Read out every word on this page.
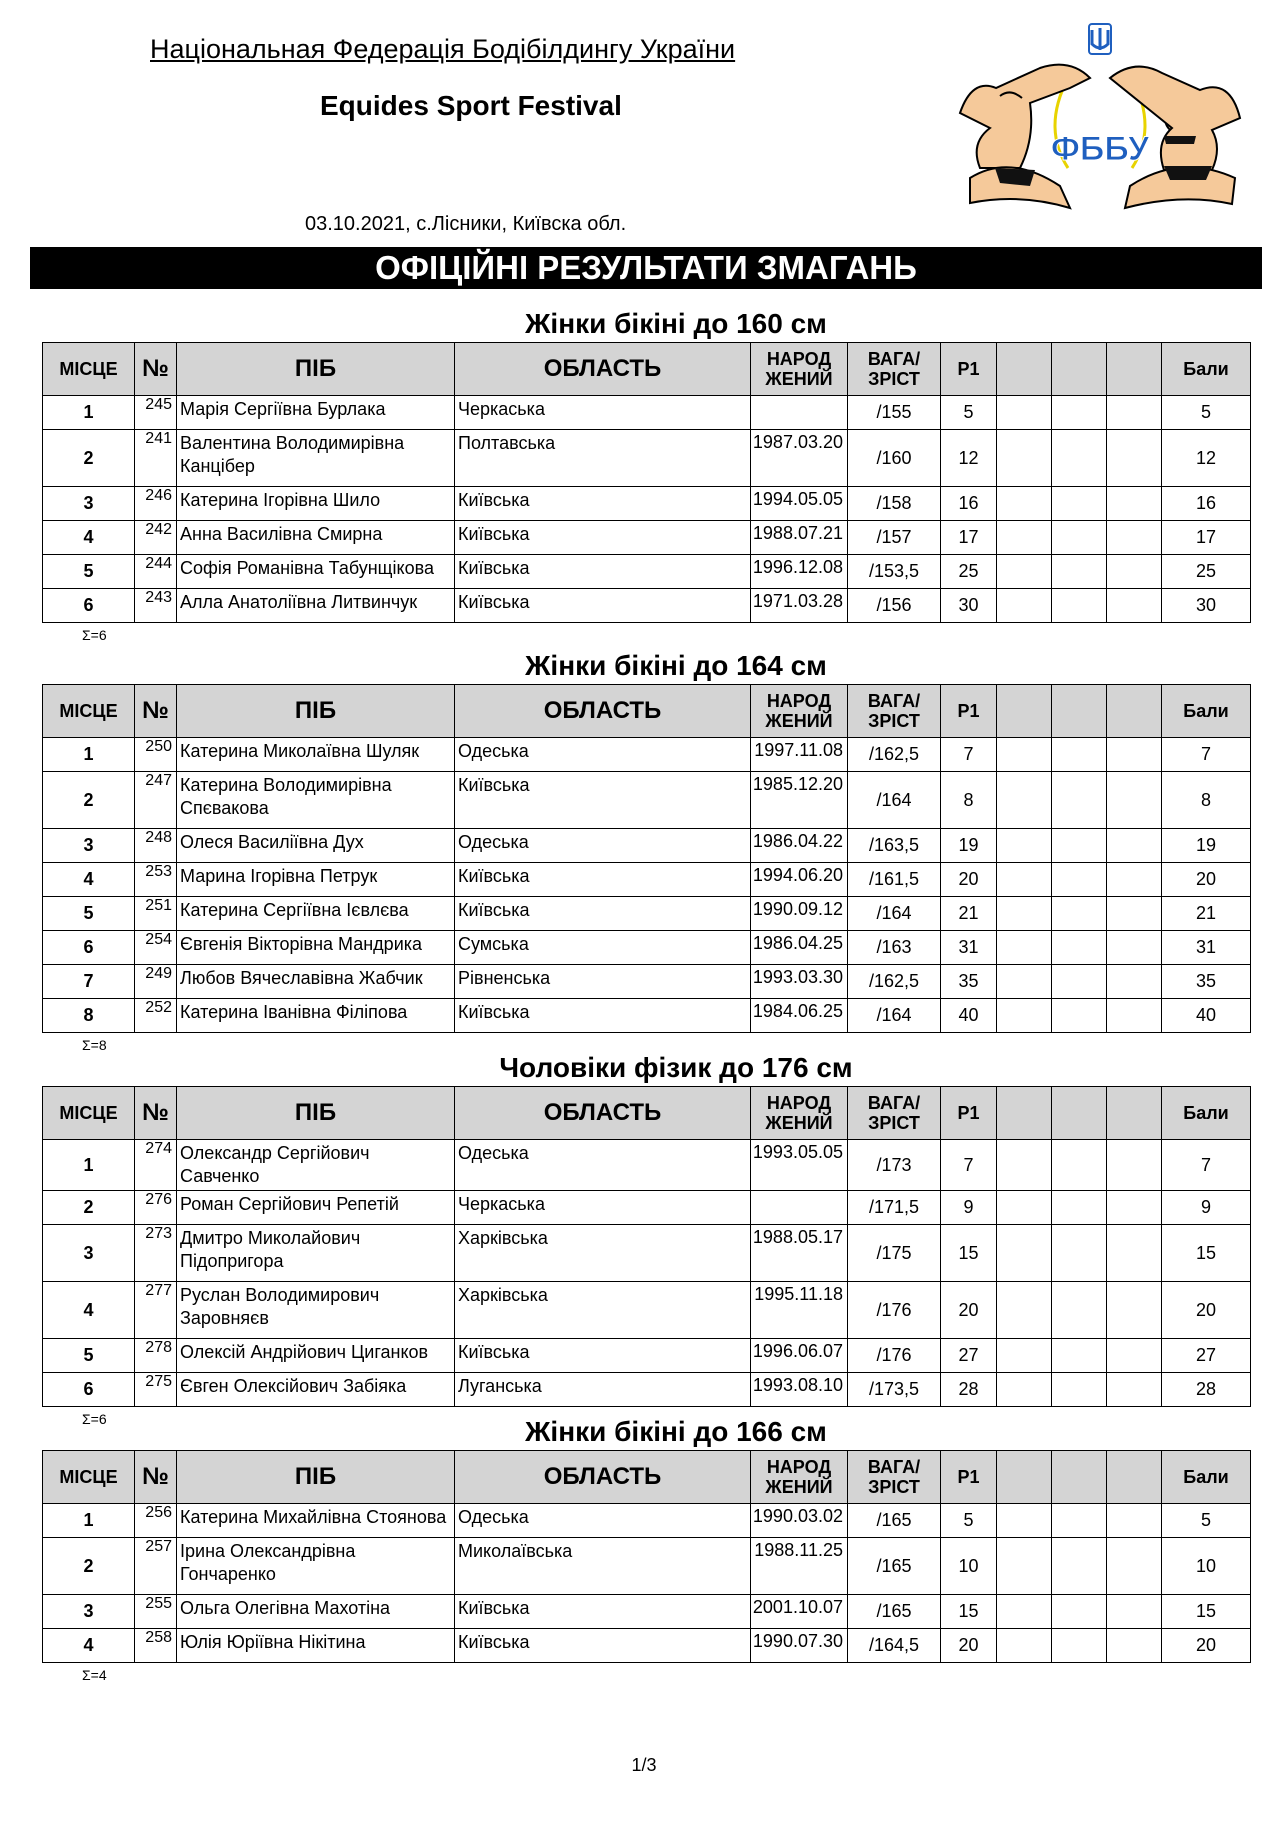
Національная Федерація Бодібілдингу України
Equides Sport Festival
03.10.2021, с.Лісники, Київска обл.
ФББУ
ОФІЦІЙНІ РЕЗУЛЬТАТИ ЗМАГАНЬ
Жінки бікіні до 160 см
МІСЦЕ	№	ПІБ	ОБЛАСТЬ	НАРОД ЖЕНИЙ	ВАГА/ ЗРІСТ	Р1				Бали
1	245	Марія Сергіївна Бурлака	Черкаська		/155	5				5
2	241	Валентина Володимирівна Канцібер	Полтавська	1987.03.20	/160	12				12
3	246	Катерина Ігорівна Шило	Київська	1994.05.05	/158	16				16
4	242	Анна Василівна Смирна	Київська	1988.07.21	/157	17				17
5	244	Софія Романівна Табунщікова	Київська	1996.12.08	/153,5	25				25
6	243	Алла Анатоліївна Литвинчук	Київська	1971.03.28	/156	30				30
Σ=6
Жінки бікіні до 164 см
МІСЦЕ	№	ПІБ	ОБЛАСТЬ	НАРОД ЖЕНИЙ	ВАГА/ ЗРІСТ	Р1				Бали
1	250	Катерина Миколаївна Шуляк	Одеська	1997.11.08	/162,5	7				7
2	247	Катерина Володимирівна Спєвакова	Київська	1985.12.20	/164	8				8
3	248	Олеся Василіївна Дух	Одеська	1986.04.22	/163,5	19				19
4	253	Марина Ігорівна Петрук	Київська	1994.06.20	/161,5	20				20
5	251	Катерина Сергіївна Ієвлєва	Київська	1990.09.12	/164	21				21
6	254	Євгенія Вікторівна Мандрика	Сумська	1986.04.25	/163	31				31
7	249	Любов Вячеславівна Жабчик	Рівненська	1993.03.30	/162,5	35				35
8	252	Катерина Іванівна Філіпова	Київська	1984.06.25	/164	40				40
Σ=8
Чоловіки фізик до 176 см
МІСЦЕ	№	ПІБ	ОБЛАСТЬ	НАРОД ЖЕНИЙ	ВАГА/ ЗРІСТ	Р1				Бали
1	274	Олександр Сергійович Савченко	Одеська	1993.05.05	/173	7				7
2	276	Роман Сергійович Репетій	Черкаська		/171,5	9				9
3	273	Дмитро Миколайович Підопригора	Харківська	1988.05.17	/175	15				15
4	277	Руслан Володимирович Заровняєв	Харківська	1995.11.18	/176	20				20
5	278	Олексій Андрійович Циганков	Київська	1996.06.07	/176	27				27
6	275	Євген Олексійович Забіяка	Луганська	1993.08.10	/173,5	28				28
Σ=6	Жінки бікіні до 166 см
МІСЦЕ	№	ПІБ	ОБЛАСТЬ	НАРОД ЖЕНИЙ	ВАГА/ ЗРІСТ	Р1				Бали
1	256	Катерина Михайлівна Стоянова	Одеська	1990.03.02	/165	5				5
2	257	Ірина Олександрівна Гончаренко	Миколаївська	1988.11.25	/165	10				10
3	255	Ольга Олегівна Махотіна	Київська	2001.10.07	/165	15				15
4	258	Юлія Юріївна Нікітина	Київська	1990.07.30	/164,5	20				20
Σ=4
1/3
